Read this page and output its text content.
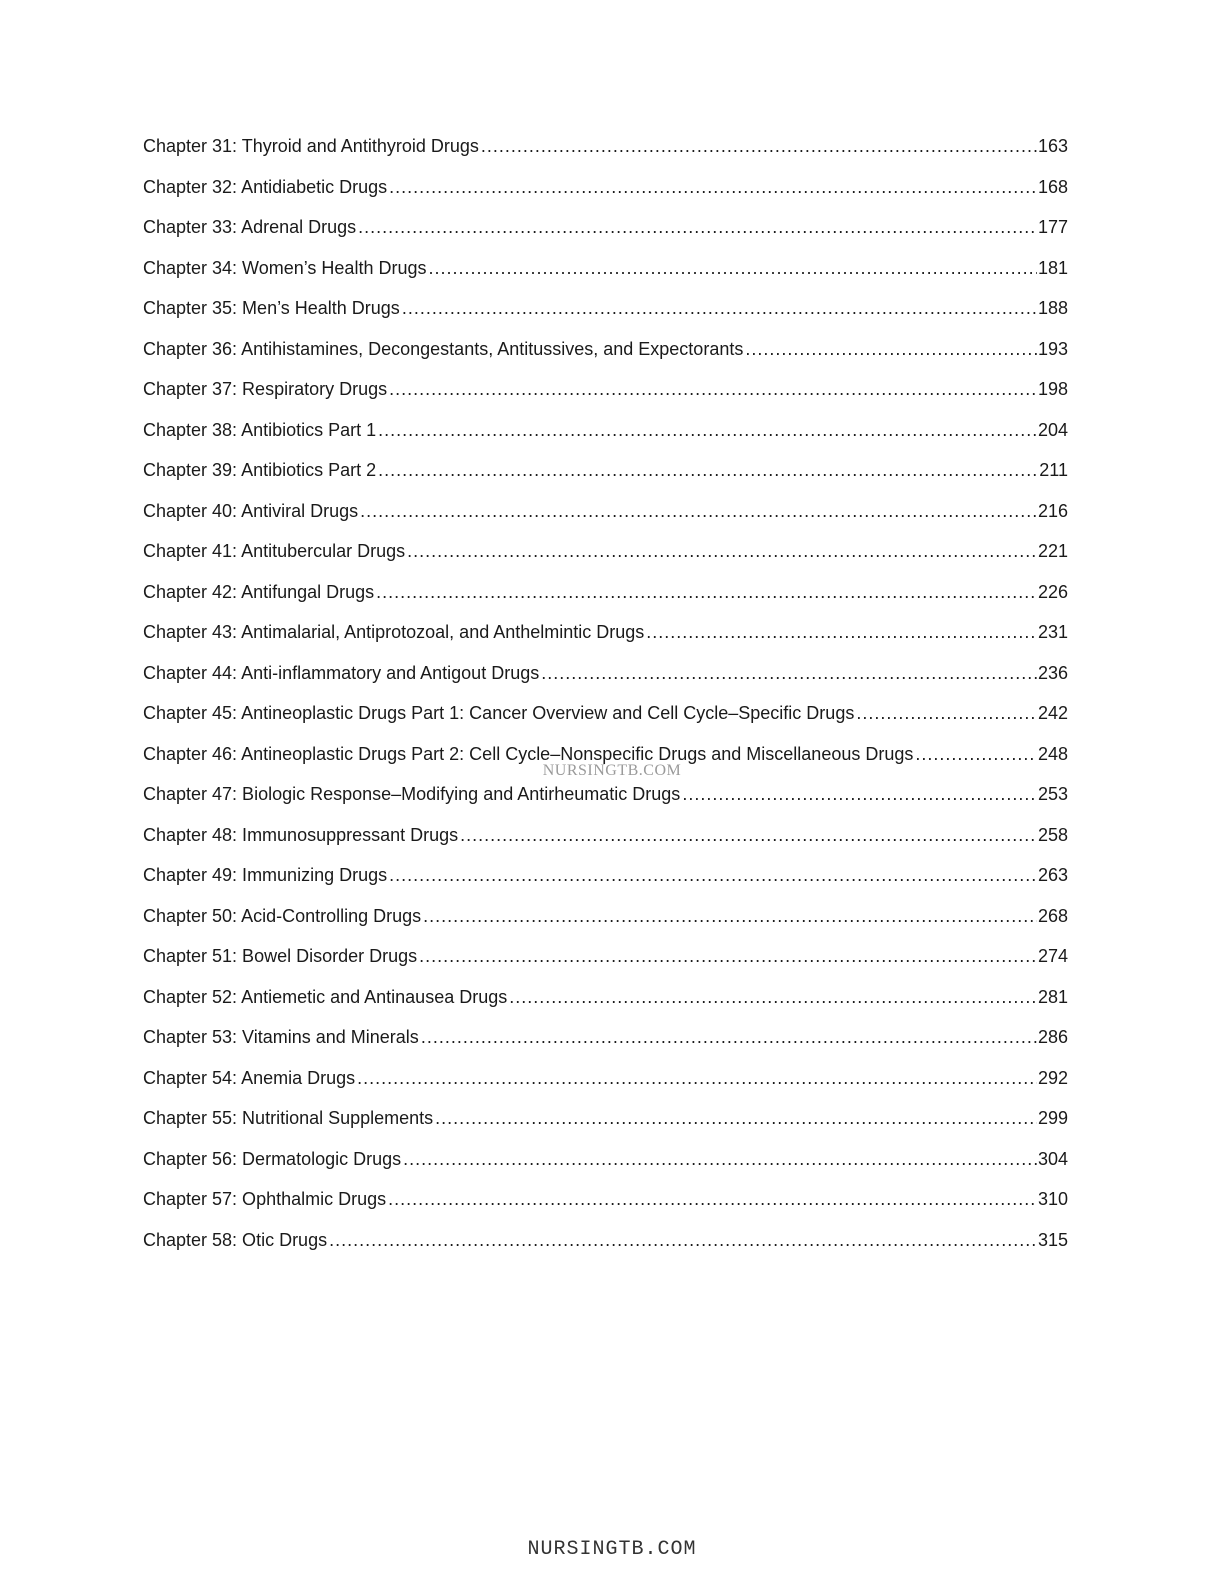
Chapter 31: Thyroid and Antithyroid Drugs .....	163
Chapter 32: Antidiabetic Drugs .....	168
Chapter 33: Adrenal Drugs .....	177
Chapter 34: Women’s Health Drugs .....	181
Chapter 35: Men’s Health Drugs .....	188
Chapter 36: Antihistamines, Decongestants, Antitussives, and Expectorants .....	193
Chapter 37: Respiratory Drugs .....	198
Chapter 38: Antibiotics Part 1 .....	204
Chapter 39: Antibiotics Part 2 .....	211
Chapter 40: Antiviral Drugs .....	216
Chapter 41: Antitubercular Drugs .....	221
Chapter 42: Antifungal Drugs .....	226
Chapter 43: Antimalarial, Antiprotozoal, and Anthelmintic Drugs .....	231
Chapter 44: Anti-inflammatory and Antigout Drugs .....	236
Chapter 45: Antineoplastic Drugs Part 1: Cancer Overview and Cell Cycle–Specific Drugs .....	242
Chapter 46: Antineoplastic Drugs Part 2: Cell Cycle–Nonspecific Drugs and Miscellaneous Drugs .....	248
Chapter 47: Biologic Response–Modifying and Antirheumatic Drugs .....	253
Chapter 48: Immunosuppressant Drugs .....	258
Chapter 49: Immunizing Drugs .....	263
Chapter 50: Acid-Controlling Drugs .....	268
Chapter 51: Bowel Disorder Drugs .....	274
Chapter 52: Antiemetic and Antinausea Drugs .....	281
Chapter 53: Vitamins and Minerals .....	286
Chapter 54: Anemia Drugs .....	292
Chapter 55: Nutritional Supplements .....	299
Chapter 56: Dermatologic Drugs .....	304
Chapter 57: Ophthalmic Drugs .....	310
Chapter 58: Otic Drugs .....	315
NURSINGTB.COM
NURSINGTB.COM
